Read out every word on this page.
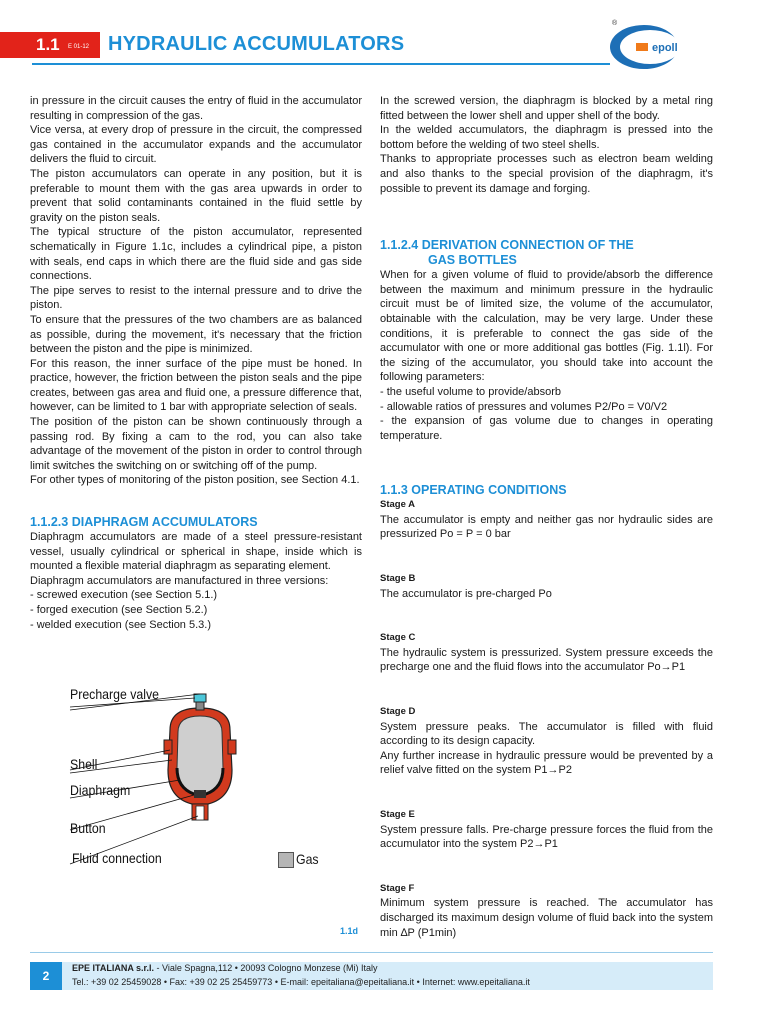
1.1 E 01-12 HYDRAULIC ACCUMULATORS
®
epoll

in pressure in the circuit causes the entry of fluid in the accumulator resulting in compression of the gas.

Vice versa, at every drop of pressure in the circuit, the compressed gas contained in the accumulator expands and the accumulator delivers the fluid to circuit.

The piston accumulators can operate in any position, but it is preferable to mount them with the gas area upwards in order to prevent that solid contaminants contained in the fluid settle by gravity on the piston seals.

The typical structure of the piston accumulator, represented schematically in Figure 1.1c, includes a cylindrical pipe, a piston with seals, end caps in which there are the fluid side and gas side connections.

The pipe serves to resist to the internal pressure and to drive the piston.

To ensure that the pressures of the two chambers are as balanced as possible, during the movement, it's necessary that the friction between the piston and the pipe is minimized.

For this reason, the inner surface of the pipe must be honed. In practice, however, the friction between the piston seals and the pipe creates, between gas area and fluid one, a pressure difference that, however, can be limited to 1 bar with appropriate selection of seals.

The position of the piston can be shown continuously through a passing rod. By fixing a cam to the rod, you can also take advantage of the movement of the piston in order to control through limit switches the switching on or switching off of the pump.

For other types of monitoring of the piston position, see Section 4.1.

1.1.2.3 DIAPHRAGM ACCUMULATORS

Diaphragm accumulators are made of a steel pressure-resistant vessel, usually cylindrical or spherical in shape, inside which is mounted a flexible material diaphragm as separating element.

Diaphragm accumulators are manufactured in three versions:

- screwed execution (see Section 5.1.)

- forged execution (see Section 5.2.)

- welded execution (see Section 5.3.)

Precharge valve
Shell
Diaphragm
Button
Fluid connection	Gas
1.1d

In the screwed version, the diaphragm is blocked by a metal ring fitted between the lower shell and upper shell of the body.

In the welded accumulators, the diaphragm is pressed into the bottom before the welding of two steel shells.

Thanks to appropriate processes such as electron beam welding and also thanks to the special provision of the diaphragm, it's possible to prevent its damage and forging.

1.1.2.4 DERIVATION CONNECTION OF THE

GAS BOTTLES

When for a given volume of fluid to provide/absorb the difference between the maximum and minimum pressure in the hydraulic circuit must be of limited size, the volume of the accumulator, obtainable with the calculation, may be very large. Under these conditions, it is preferable to connect the gas side of the accumulator with one or more additional gas bottles (Fig. 1.1l). For the sizing of the accumulator, you should take into account the following parameters:

- the useful volume to provide/absorb

- allowable ratios of pressures and volumes P2/Po = V0/V2

- the expansion of gas volume due to changes in operating temperature.

1.1.3 OPERATING CONDITIONS

Stage A

The accumulator is empty and neither gas nor hydraulic sides are pressurized Po = P = 0 bar

Stage B

The accumulator is pre-charged Po

Stage C

The hydraulic system is pressurized. System pressure exceeds the precharge one and the fluid flows into the accumulator Po→P1

Stage D

System pressure peaks. The accumulator is filled with fluid according to its design capacity.

Any further increase in hydraulic pressure would be prevented by a relief valve fitted on the system P1→P2

Stage E

System pressure falls. Pre-charge pressure forces the fluid from the accumulator into the system P2→P1

Stage F

Minimum system pressure is reached. The accumulator has discharged its maximum design volume of fluid back into the system min ∆P (P1min)

2
EPE ITALIANA s.r.l. - Viale Spagna,112 • 20093 Cologno Monzese (Mi) Italy
Tel.: +39 02 25459028 • Fax: +39 02 25 25459773 • E-mail: epeitaliana@epeitaliana.it • Internet: www.epeitaliana.it
